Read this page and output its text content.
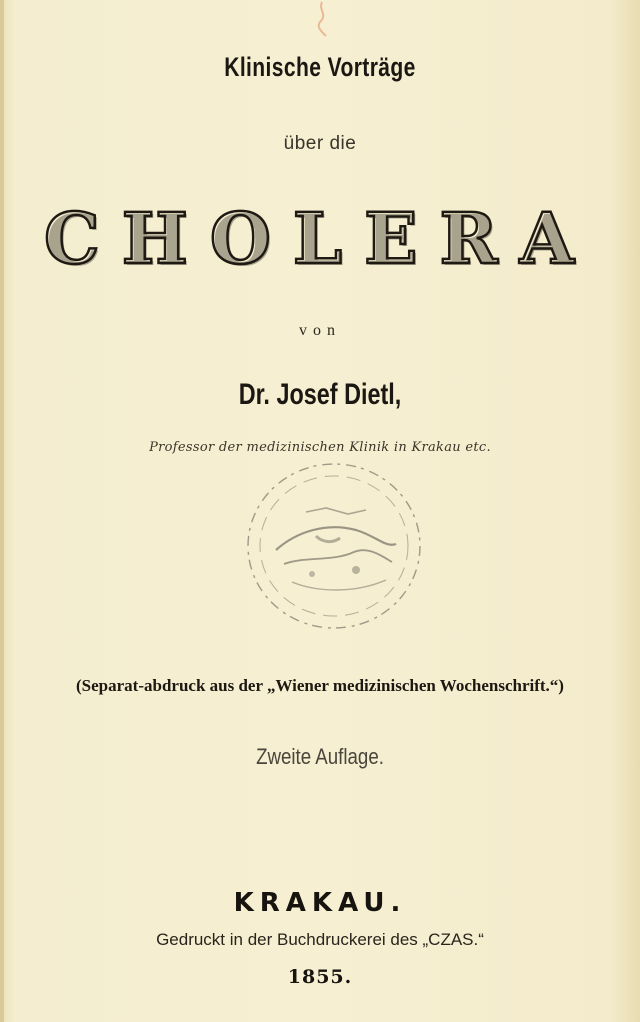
Klinische Vorträge
über die
CHOLERA
von
Dr. Josef Dietl,
Professor der medizinischen Klinik in Krakau etc.
(Separat-abdruck aus der „Wiener medizinischen Wochenschrift.“)
Zweite Auflage.
KRAKAU.
Gedruckt in der Buchdruckerei des „CZAS.“
1855.
